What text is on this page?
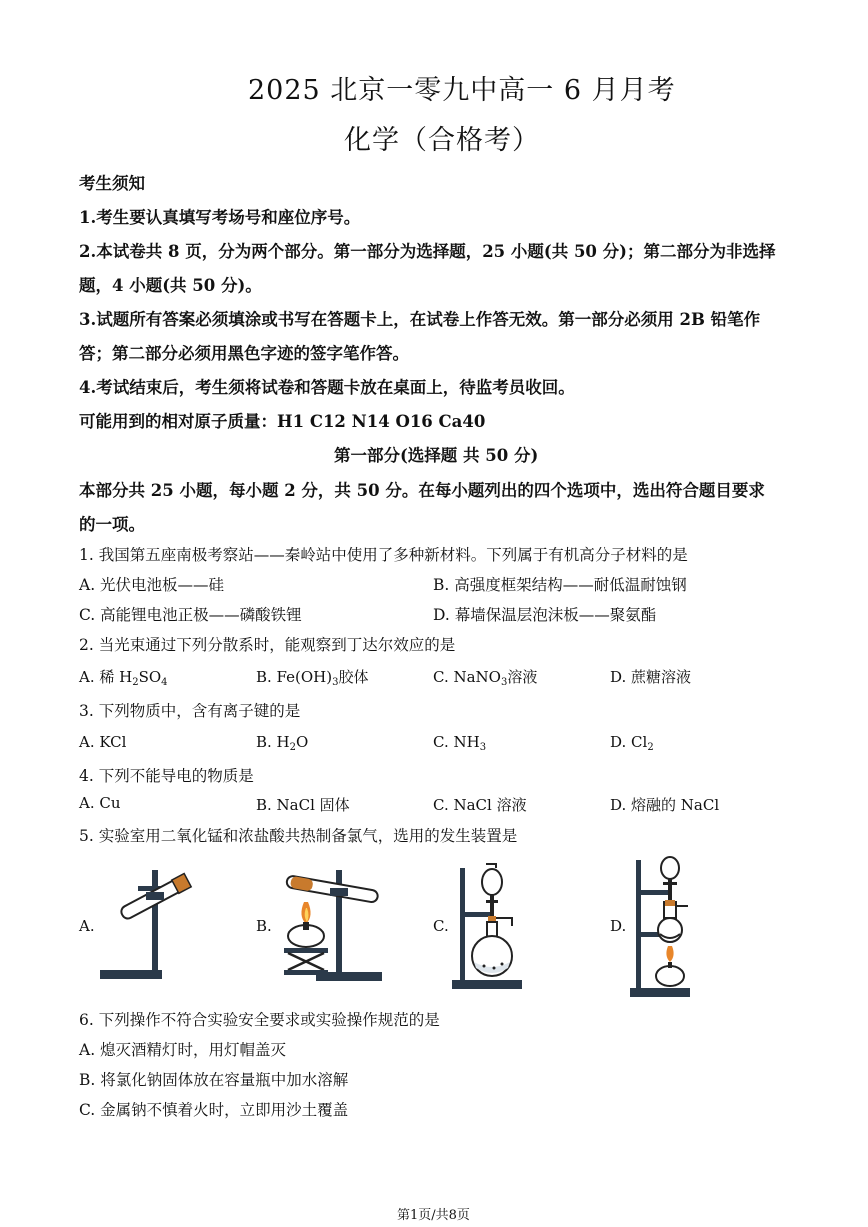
2025 北京一零九中高一 6 月月考
化学（合格考）
考生须知
1.考生要认真填写考场号和座位序号。
2.本试卷共 8 页，分为两个部分。第一部分为选择题，25 小题(共 50 分)；第二部分为非选择
题，4 小题(共 50 分)。
3.试题所有答案必须填涂或书写在答题卡上，在试卷上作答无效。第一部分必须用 2B 铅笔作
答；第二部分必须用黑色字迹的签字笔作答。
4.考试结束后，考生须将试卷和答题卡放在桌面上，待监考员收回。
可能用到的相对原子质量：H1 C12 N14 O16 Ca40
第一部分(选择题 共 50 分)
本部分共 25 小题，每小题 2 分，共 50 分。在每小题列出的四个选项中，选出符合题目要求
的一项。
1. 我国第五座南极考察站——秦岭站中使用了多种新材料。下列属于有机高分子材料的是
A. 光伏电池板——硅	B. 高强度框架结构——耐低温耐蚀钢
C. 高能锂电池正极——磷酸铁锂	D. 幕墙保温层泡沫板——聚氨酯
2. 当光束通过下列分散系时，能观察到丁达尔效应的是
A. 稀 $H_2SO_4$	B. $Fe(OH)_3$胶体	C. NaNO$_3$溶液	D. 蔗糖溶液
3. 下列物质中，含有离子键的是
A. KCl	B. $H_2O$	C. $NH_3$	D. $Cl_2$
4. 下列不能导电的物质是
A. Cu	B. NaCl 固体	C. NaCl 溶液	D. 熔融的 NaCl
5. 实验室用二氧化锰和浓盐酸共热制备氯气，选用的发生装置是
A.	B.	C.	D.
6. 下列操作不符合实验安全要求或实验操作规范的是
A. 熄灭酒精灯时，用灯帽盖灭
B. 将氯化钠固体放在容量瓶中加水溶解
C. 金属钠不慎着火时，立即用沙土覆盖
第1页/共8页
